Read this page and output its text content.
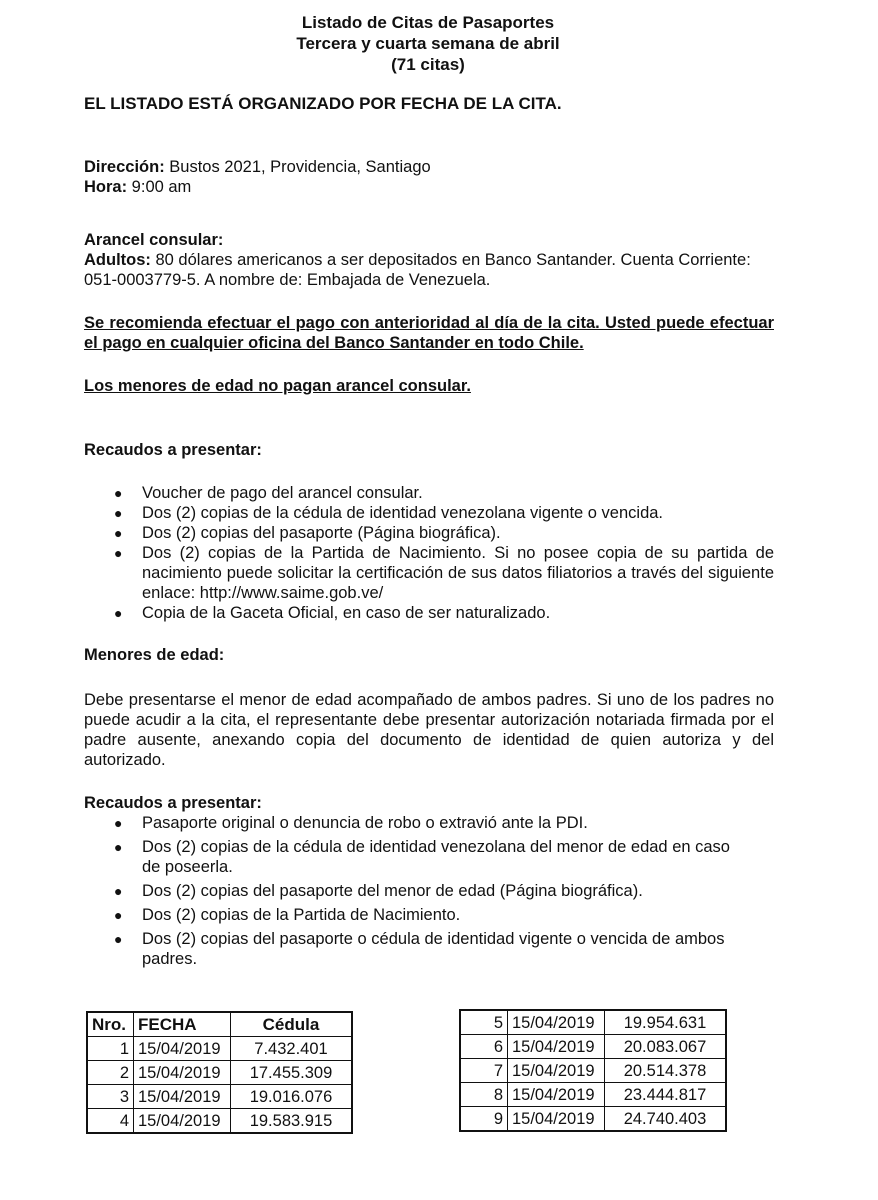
Listado de Citas de Pasaportes
Tercera y cuarta semana de abril
(71 citas)

EL LISTADO ESTÁ ORGANIZADO POR FECHA DE LA CITA.

Dirección: Bustos 2021, Providencia, Santiago

Hora: 9:00 am

Arancel consular:

Adultos: 80 dólares americanos a ser depositados en Banco Santander. Cuenta Corriente: 051-0003779-5. A nombre de: Embajada de Venezuela.

Se recomienda efectuar el pago con anterioridad al día de la cita. Usted puede efectuar el pago en cualquier oficina del Banco Santander en todo Chile.

Los menores de edad no pagan arancel consular.

Recaudos a presentar:

● Voucher de pago del arancel consular.
● Dos (2) copias de la cédula de identidad venezolana vigente o vencida.
● Dos (2) copias del pasaporte (Página biográfica).
● Dos (2) copias de la Partida de Nacimiento. Si no posee copia de su partida de nacimiento puede solicitar la certificación de sus datos filiatorios a través del siguiente enlace: http://www.saime.gob.ve/
● Copia de la Gaceta Oficial, en caso de ser naturalizado.

Menores de edad:

Debe presentarse el menor de edad acompañado de ambos padres. Si uno de los padres no puede acudir a la cita, el representante debe presentar autorización notariada firmada por el padre ausente, anexando copia del documento de identidad de quien autoriza y del autorizado.

Recaudos a presentar:

● Pasaporte original o denuncia de robo o extravió ante la PDI.
● Dos (2) copias de la cédula de identidad venezolana del menor de edad en caso de poseerla.
● Dos (2) copias del pasaporte del menor de edad (Página biográfica).
● Dos (2) copias de la Partida de Nacimiento.
● Dos (2) copias del pasaporte o cédula de identidad vigente o vencida de ambos padres.
Nro.	FECHA	Cédula
1	15/04/2019	7.432.401
2	15/04/2019	17.455.309
3	15/04/2019	19.016.076
4	15/04/2019	19.583.915
5	15/04/2019	19.954.631
6	15/04/2019	20.083.067
7	15/04/2019	20.514.378
8	15/04/2019	23.444.817
9	15/04/2019	24.740.403
